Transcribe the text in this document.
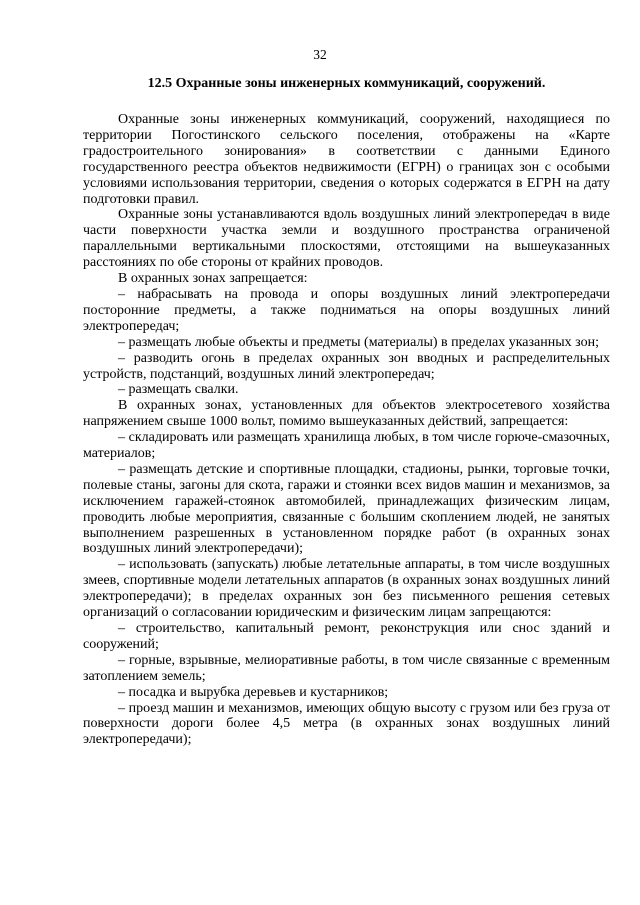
32

12.5 Охранные зоны инженерных коммуникаций, сооружений.

Охранные зоны инженерных коммуникаций, сооружений, находящиеся по территории Погостинского сельского поселения, отображены на «Карте градостроительного зонирования» в соответствии с данными Единого государственного реестра объектов недвижимости (ЕГРН) о границах зон с особыми условиями использования территории, сведения о которых содержатся в ЕГРН на дату подготовки правил.

Охранные зоны устанавливаются вдоль воздушных линий электропередач в виде части поверхности участка земли и воздушного пространства ограниченой параллельными вертикальными плоскостями, отстоящими на вышеуказанных расстояниях по обе стороны от крайних проводов.

В охранных зонах запрещается:

– набрасывать на провода и опоры воздушных линий электропередачи посторонние предметы, а также подниматься на опоры воздушных линий электропередач;

– размещать любые объекты и предметы (материалы) в пределах указанных зон;

– разводить огонь в пределах охранных зон вводных и распределительных устройств, подстанций, воздушных линий электропередач;

– размещать свалки.

В охранных зонах, установленных для объектов электросетевого хозяйства напряжением свыше 1000 вольт, помимо вышеуказанных действий, запрещается:

– складировать или размещать хранилища любых, в том числе горюче-смазочных, материалов;

– размещать детские и спортивные площадки, стадионы, рынки, торговые точки, полевые станы, загоны для скота, гаражи и стоянки всех видов машин и механизмов, за исключением гаражей-стоянок автомобилей, принадлежащих физическим лицам, проводить любые мероприятия, связанные с большим скоплением людей, не занятых выполнением разрешенных в установленном порядке работ (в охранных зонах воздушных линий электропередачи);

– использовать (запускать) любые летательные аппараты, в том числе воздушных змеев, спортивные модели летательных аппаратов (в охранных зонах воздушных линий электропередачи); в пределах охранных зон без письменного решения сетевых организаций о согласовании юридическим и физическим лицам запрещаются:

– строительство, капитальный ремонт, реконструкция или снос зданий и сооружений;

– горные, взрывные, мелиоративные работы, в том числе связанные с временным затоплением земель;

– посадка и вырубка деревьев и кустарников;

– проезд машин и механизмов, имеющих общую высоту с грузом или без груза от поверхности дороги более 4,5 метра (в охранных зонах воздушных линий электропередачи);
